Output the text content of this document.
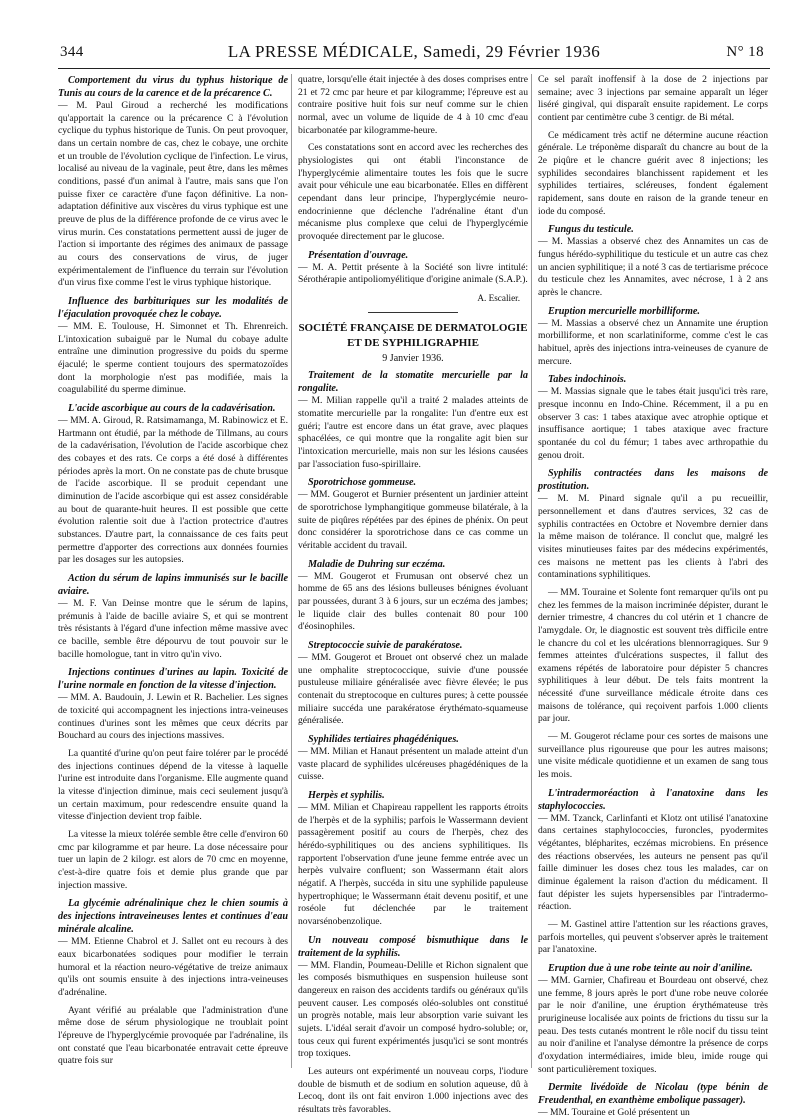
344	LA PRESSE MÉDICALE, Samedi, 29 Février 1936	N° 18
Comportement du virus du typhus historique de Tunis au cours de la carence et de la précarence C.

— M. Paul Giroud a recherché les modifications qu'apportait la carence ou la précarence C à l'évolution cyclique du typhus historique de Tunis. On peut provoquer, dans un certain nombre de cas, chez le cobaye, une orchite et un trouble de l'évolution cyclique de l'infection. Le virus, localisé au niveau de la vaginale, peut être, dans les mêmes conditions, passé d'un animal à l'autre, mais sans que l'on puisse fixer ce caractère d'une façon définitive. La non-adaptation définitive aux viscères du virus typhique est une preuve de plus de la différence profonde de ce virus avec le virus murin. Ces constatations permettent aussi de juger de l'action si importante des régimes des animaux de passage au cours des conservations de virus, de juger expérimentalement de l'influence du terrain sur l'évolution d'un virus fixe comme l'est le virus typhique historique.

Influence des barbituriques sur les modalités de l'éjaculation provoquée chez le cobaye.

— MM. E. Toulouse, H. Simonnet et Th. Ehrenreich. L'intoxication subaiguë par le Numal du cobaye adulte entraîne une diminution progressive du poids du sperme éjaculé; le sperme contient toujours des spermatozoïdes dont la morphologie n'est pas modifiée, mais la coagulabilité du sperme diminue.

L'acide ascorbique au cours de la cadavérisation.

— MM. A. Giroud, R. Ratsimamanga, M. Rabinowicz et E. Hartmann ont étudié, par la méthode de Tillmans, au cours de la cadavérisation, l'évolution de l'acide ascorbique chez des cobayes et des rats. Ce corps a été dosé à différentes périodes après la mort. On ne constate pas de chute brusque de l'acide ascorbique. Il se produit cependant une diminution de l'acide ascorbique qui est assez considérable au bout de quarante-huit heures. Il est possible que cette évolution ralentie soit due à l'action protectrice d'autres substances. D'autre part, la connaissance de ces faits peut permettre d'apporter des corrections aux données fournies par les dosages sur les autopsies.

Action du sérum de lapins immunisés sur le bacille aviaire.

— M. F. Van Deinse montre que le sérum de lapins, prémunis à l'aide de bacille aviaire S, et qui se montrent très résistants à l'égard d'une infection même massive avec ce bacille, semble être dépourvu de tout pouvoir sur le bacille homologue, tant in vitro qu'in vivo.

Injections continues d'urines au lapin. Toxicité de l'urine normale en fonction de la vitesse d'injection.

— MM. A. Baudouin, J. Lewin et R. Bachelier. Les signes de toxicité qui accompagnent les injections intra-veineuses continues d'urines sont les mêmes que ceux décrits par Bouchard au cours des injections massives.

La quantité d'urine qu'on peut faire tolérer par le procédé des injections continues dépend de la vitesse à laquelle l'urine est introduite dans l'organisme. Elle augmente quand la vitesse d'injection diminue, mais ceci seulement jusqu'à un certain maximum, pour redescendre ensuite quand la vitesse d'injection devient trop faible.

La vitesse la mieux tolérée semble être celle d'environ 60 cmc par kilogramme et par heure. La dose nécessaire pour tuer un lapin de 2 kilogr. est alors de 70 cmc en moyenne, c'est-à-dire quatre fois et demie plus grande que par injection massive.

La glycémie adrénalinique chez le chien soumis à des injections intraveineuses lentes et continues d'eau minérale alcaline.

— MM. Etienne Chabrol et J. Sallet ont eu recours à des eaux bicarbonatées sodiques pour modifier le terrain humoral et la réaction neuro-végétative de treize animaux qu'ils ont soumis ensuite à des injections intra-veineuses d'adrénaline.

Ayant vérifié au préalable que l'administration d'une même dose de sérum physiologique ne troublait point l'épreuve de l'hyperglycémie provoquée par l'adrénaline, ils ont constaté que l'eau bicarbonatée entravait cette épreuve quatre fois sur

quatre, lorsqu'elle était injectée à des doses comprises entre 21 et 72 cmc par heure et par kilogramme; l'épreuve est au contraire positive huit fois sur neuf comme sur le chien normal, avec un volume de liquide de 4 à 10 cmc d'eau bicarbonatée par kilogramme-heure.

Ces constatations sont en accord avec les recherches des physiologistes qui ont établi l'inconstance de l'hyperglycémie alimentaire toutes les fois que le sucre avait pour véhicule une eau bicarbonatée. Elles en diffèrent cependant dans leur principe, l'hyperglycémie neuro-endocrinienne que déclenche l'adrénaline étant d'un mécanisme plus complexe que celui de l'hyperglycémie provoquée directement par le glucose.

Présentation d'ouvrage.

— M. A. Pettit présente à la Société son livre intitulé: Sérothérapie antipoliomyélitique d'origine animale (S.A.P.).

A. Escalier.
SOCIÉTÉ FRANÇAISE DE DERMATOLOGIE ET DE SYPHILIGRAPHIE
9 Janvier 1936.
Traitement de la stomatite mercurielle par la rongalite.

— M. Milian rappelle qu'il a traité 2 malades atteints de stomatite mercurielle par la rongalite: l'un d'entre eux est guéri; l'autre est encore dans un état grave, avec plaques sphacélées, ce qui montre que la rongalite agit bien sur l'intoxication mercurielle, mais non sur les lésions causées par l'association fuso-spirillaire.

Sporotrichose gommeuse.

— MM. Gougerot et Burnier présentent un jardinier atteint de sporotrichose lymphangitique gommeuse bilatérale, à la suite de piqûres répétées par des épines de phénix. On peut donc considérer la sporotrichose dans ce cas comme un véritable accident du travail.

Maladie de Duhring sur eczéma.

— MM. Gougerot et Frumusan ont observé chez un homme de 65 ans des lésions bulleuses bénignes évoluant par poussées, durant 3 à 6 jours, sur un eczéma des jambes; le liquide clair des bulles contenait 80 pour 100 d'éosinophiles.

Streptococcie suivie de parakératose.

— MM. Gougerot et Brouet ont observé chez un malade une omphalite streptococcique, suivie d'une poussée pustuleuse miliaire généralisée avec fièvre élevée; le pus contenait du streptocoque en cultures pures; à cette poussée miliaire succéda une parakératose érythémato-squameuse généralisée.

Syphilides tertiaires phagédéniques.

— MM. Milian et Hanaut présentent un malade atteint d'un vaste placard de syphilides ulcéreuses phagédéniques de la cuisse.

Herpès et syphilis.

— MM. Milian et Chapireau rappellent les rapports étroits de l'herpès et de la syphilis; parfois le Wassermann devient passagèrement positif au cours de l'herpès, chez des hérédo-syphilitiques ou des anciens syphilitiques. Ils rapportent l'observation d'une jeune femme entrée avec un herpès vulvaire confluent; son Wassermann était alors négatif. A l'herpès, succéda in situ une syphilide papuleuse hypertrophique; le Wassermann était devenu positif, et une roséole fut déclenchée par le traitement novarsénobenzolique.

Un nouveau composé bismuthique dans le traitement de la syphilis.

— MM. Flandin, Poumeau-Delille et Richon signalent que les composés bismuthiques en suspension huileuse sont dangereux en raison des accidents tardifs ou généraux qu'ils peuvent causer. Les composés oléo-solubles ont constitué un progrès notable, mais leur absorption varie suivant les sujets. L'idéal serait d'avoir un composé hydro-soluble; or, tous ceux qui furent expérimentés jusqu'ici se sont montrés trop toxiques.

Les auteurs ont expérimenté un nouveau corps, l'iodure double de bismuth et de sodium en solution aqueuse, dû à Lecoq, dont ils ont fait environ 1.000 injections avec des résultats très favorables.

Ce sel paraît inoffensif à la dose de 2 injections par semaine; avec 3 injections par semaine apparaît un léger liséré gingival, qui disparaît ensuite rapidement. Le corps contient par centimètre cube 3 centigr. de Bi métal.

Ce médicament très actif ne détermine aucune réaction générale. Le tréponème disparaît du chancre au bout de la 2e piqûre et le chancre guérit avec 8 injections; les syphilides secondaires blanchissent rapidement et les syphilides tertiaires, scléreuses, fondent également rapidement, sans doute en raison de la grande teneur en iode du composé.

Fungus du testicule.

— M. Massias a observé chez des Annamites un cas de fungus hérédo-syphilitique du testicule et un autre cas chez un ancien syphilitique; il a noté 3 cas de tertiarisme précoce du testicule chez les Annamites, avec nécrose, 1 à 2 ans après le chancre.

Eruption mercurielle morbilliforme.

— M. Massias a observé chez un Annamite une éruption morbilliforme, et non scarlatiniforme, comme c'est le cas habituel, après des injections intra-veineuses de cyanure de mercure.

Tabes indochinois.

— M. Massias signale que le tabes était jusqu'ici très rare, presque inconnu en Indo-Chine. Récemment, il a pu en observer 3 cas: 1 tabes ataxique avec atrophie optique et insuffisance aortique; 1 tabes ataxique avec fracture spontanée du col du fémur; 1 tabes avec arthropathie du genou droit.

Syphilis contractées dans les maisons de prostitution.

— M. M. Pinard signale qu'il a pu recueillir, personnellement et dans d'autres services, 32 cas de syphilis contractées en Octobre et Novembre dernier dans la même maison de tolérance. Il conclut que, malgré les visites minutieuses faites par des médecins expérimentés, ces maisons ne mettent pas les clients à l'abri des contaminations syphilitiques.

— MM. Touraine et Solente font remarquer qu'ils ont pu chez les femmes de la maison incriminée dépister, durant le dernier trimestre, 4 chancres du col utérin et 1 chancre de l'amygdale. Or, le diagnostic est souvent très difficile entre le chancre du col et les ulcérations blennorragiques. Sur 9 femmes atteintes d'ulcérations suspectes, il fallut des examens répétés de laboratoire pour dépister 5 chancres syphilitiques à leur début. De tels faits montrent la nécessité d'une surveillance médicale étroite dans ces maisons de tolérance, qui reçoivent parfois 1.000 clients par jour.

— M. Gougerot réclame pour ces sortes de maisons une surveillance plus rigoureuse que pour les autres maisons; une visite médicale quotidienne et un examen de sang tous les mois.

L'intradermoréaction à l'anatoxine dans les staphylococcies.

— MM. Tzanck, Carlinfanti et Klotz ont utilisé l'anatoxine dans certaines staphylococcies, furoncles, pyodermites végétantes, blépharites, eczémas microbiens. En présence des réactions observées, les auteurs ne pensent pas qu'il faille diminuer les doses chez tous les malades, car on diminue également la raison d'action du médicament. Il faut dépister les sujets hypersensibles par l'intradermo-réaction.

— M. Gastinel attire l'attention sur les réactions graves, parfois mortelles, qui peuvent s'observer après le traitement par l'anatoxine.

Eruption due à une robe teinte au noir d'aniline.

— MM. Garnier, Chafireau et Bourdeau ont observé, chez une femme, 8 jours après le port d'une robe neuve colorée par le noir d'aniline, une éruption érythémateuse très prurigineuse localisée aux points de frictions du tissu sur la peau. Des tests cutanés montrent le rôle nocif du tissu teint au noir d'aniline et l'analyse démontre la présence de corps d'oxydation intermédiaires, imide bleu, imide rouge qui sont particulièrement toxiques.

Dermite livédoïde de Nicolau (type bénin de Freudenthal, en exanthème embolique passager).

— MM. Touraine et Golé présentent un
